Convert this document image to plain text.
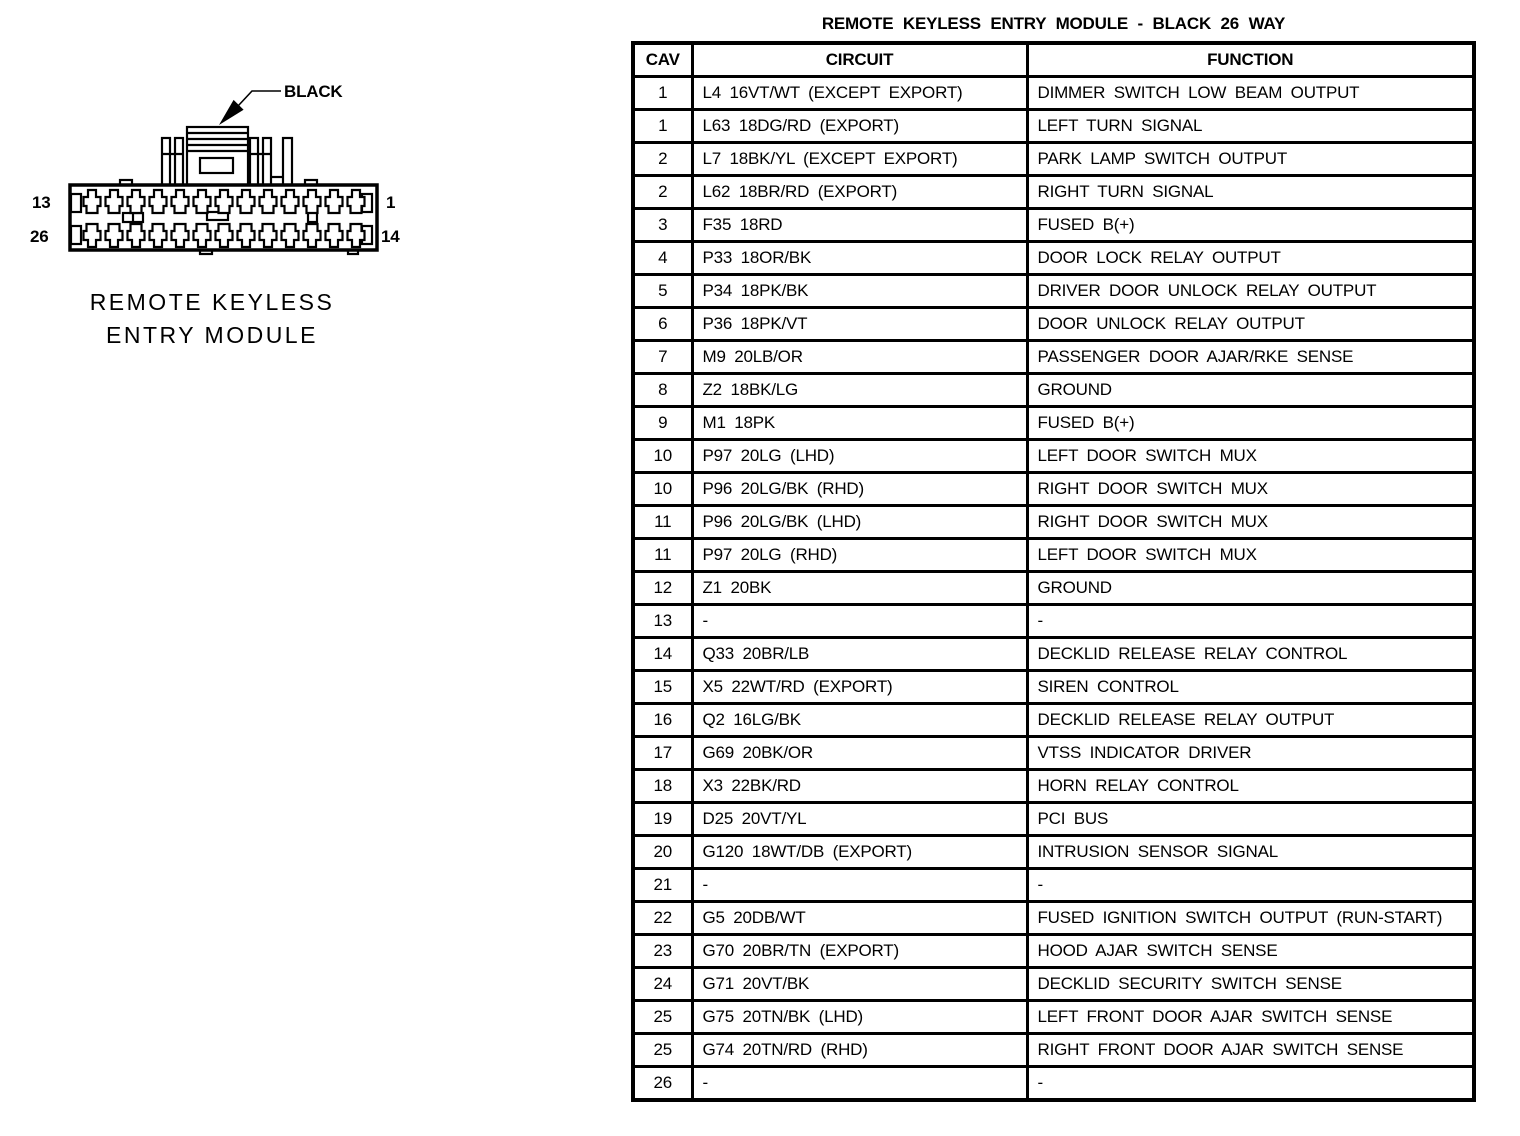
BLACK
13	1
26	14
REMOTE KEYLESS
ENTRY MODULE
REMOTE KEYLESS ENTRY MODULE - BLACK 26 WAY
CAV	CIRCUIT	FUNCTION
1	L4 16VT/WT (EXCEPT EXPORT)	DIMMER SWITCH LOW BEAM OUTPUT
1	L63 18DG/RD (EXPORT)	LEFT TURN SIGNAL
2	L7 18BK/YL (EXCEPT EXPORT)	PARK LAMP SWITCH OUTPUT
2	L62 18BR/RD (EXPORT)	RIGHT TURN SIGNAL
3	F35 18RD	FUSED B(+)
4	P33 18OR/BK	DOOR LOCK RELAY OUTPUT
5	P34 18PK/BK	DRIVER DOOR UNLOCK RELAY OUTPUT
6	P36 18PK/VT	DOOR UNLOCK RELAY OUTPUT
7	M9 20LB/OR	PASSENGER DOOR AJAR/RKE SENSE
8	Z2 18BK/LG	GROUND
9	M1 18PK	FUSED B(+)
10	P97 20LG (LHD)	LEFT DOOR SWITCH MUX
10	P96 20LG/BK (RHD)	RIGHT DOOR SWITCH MUX
11	P96 20LG/BK (LHD)	RIGHT DOOR SWITCH MUX
11	P97 20LG (RHD)	LEFT DOOR SWITCH MUX
12	Z1 20BK	GROUND
13	-	-
14	Q33 20BR/LB	DECKLID RELEASE RELAY CONTROL
15	X5 22WT/RD (EXPORT)	SIREN CONTROL
16	Q2 16LG/BK	DECKLID RELEASE RELAY OUTPUT
17	G69 20BK/OR	VTSS INDICATOR DRIVER
18	X3 22BK/RD	HORN RELAY CONTROL
19	D25 20VT/YL	PCI BUS
20	G120 18WT/DB (EXPORT)	INTRUSION SENSOR SIGNAL
21	-	-
22	G5 20DB/WT	FUSED IGNITION SWITCH OUTPUT (RUN-START)
23	G70 20BR/TN (EXPORT)	HOOD AJAR SWITCH SENSE
24	G71 20VT/BK	DECKLID SECURITY SWITCH SENSE
25	G75 20TN/BK (LHD)	LEFT FRONT DOOR AJAR SWITCH SENSE
25	G74 20TN/RD (RHD)	RIGHT FRONT DOOR AJAR SWITCH SENSE
26	-	-
